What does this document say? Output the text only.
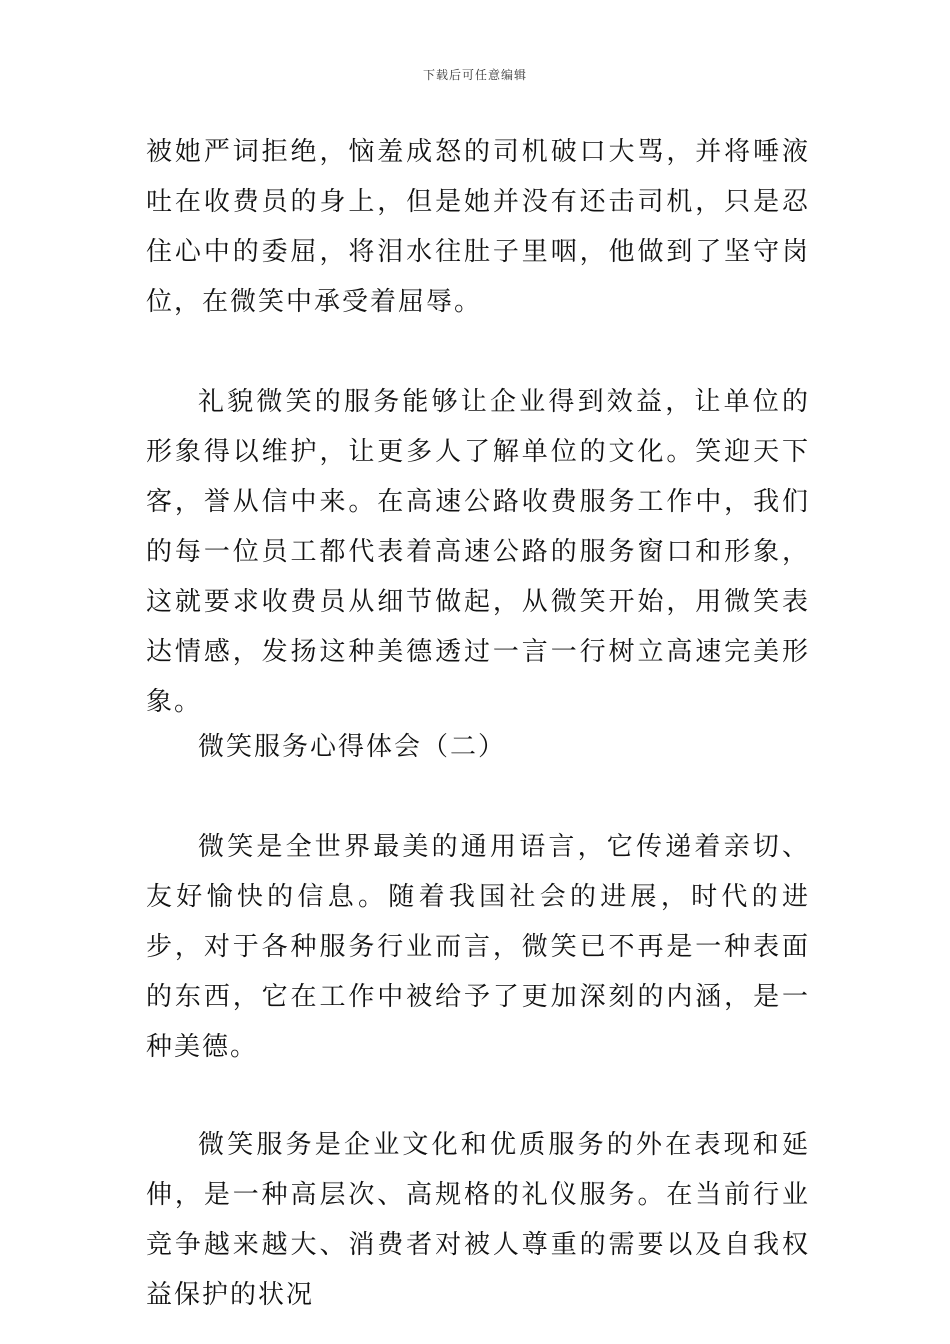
下载后可任意编辑

被她严词拒绝，恼羞成怒的司机破口大骂，并将唾液吐在收费员的身上，但是她并没有还击司机，只是忍住心中的委屈，将泪水往肚子里咽，他做到了坚守岗位，在微笑中承受着屈辱。

礼貌微笑的服务能够让企业得到效益，让单位的形象得以维护，让更多人了解单位的文化。笑迎天下客，誉从信中来。在高速公路收费服务工作中，我们的每一位员工都代表着高速公路的服务窗口和形象，这就要求收费员从细节做起，从微笑开始，用微笑表达情感，发扬这种美德透过一言一行树立高速完美形象。

微笑服务心得体会（二）

微笑是全世界最美的通用语言，它传递着亲切、友好愉快的信息。随着我国社会的进展，时代的进步，对于各种服务行业而言，微笑已不再是一种表面的东西，它在工作中被给予了更加深刻的内涵，是一种美德。

微笑服务是企业文化和优质服务的外在表现和延伸，是一种高层次、高规格的礼仪服务。在当前行业竞争越来越大、消费者对被人尊重的需要以及自我权益保护的状况
